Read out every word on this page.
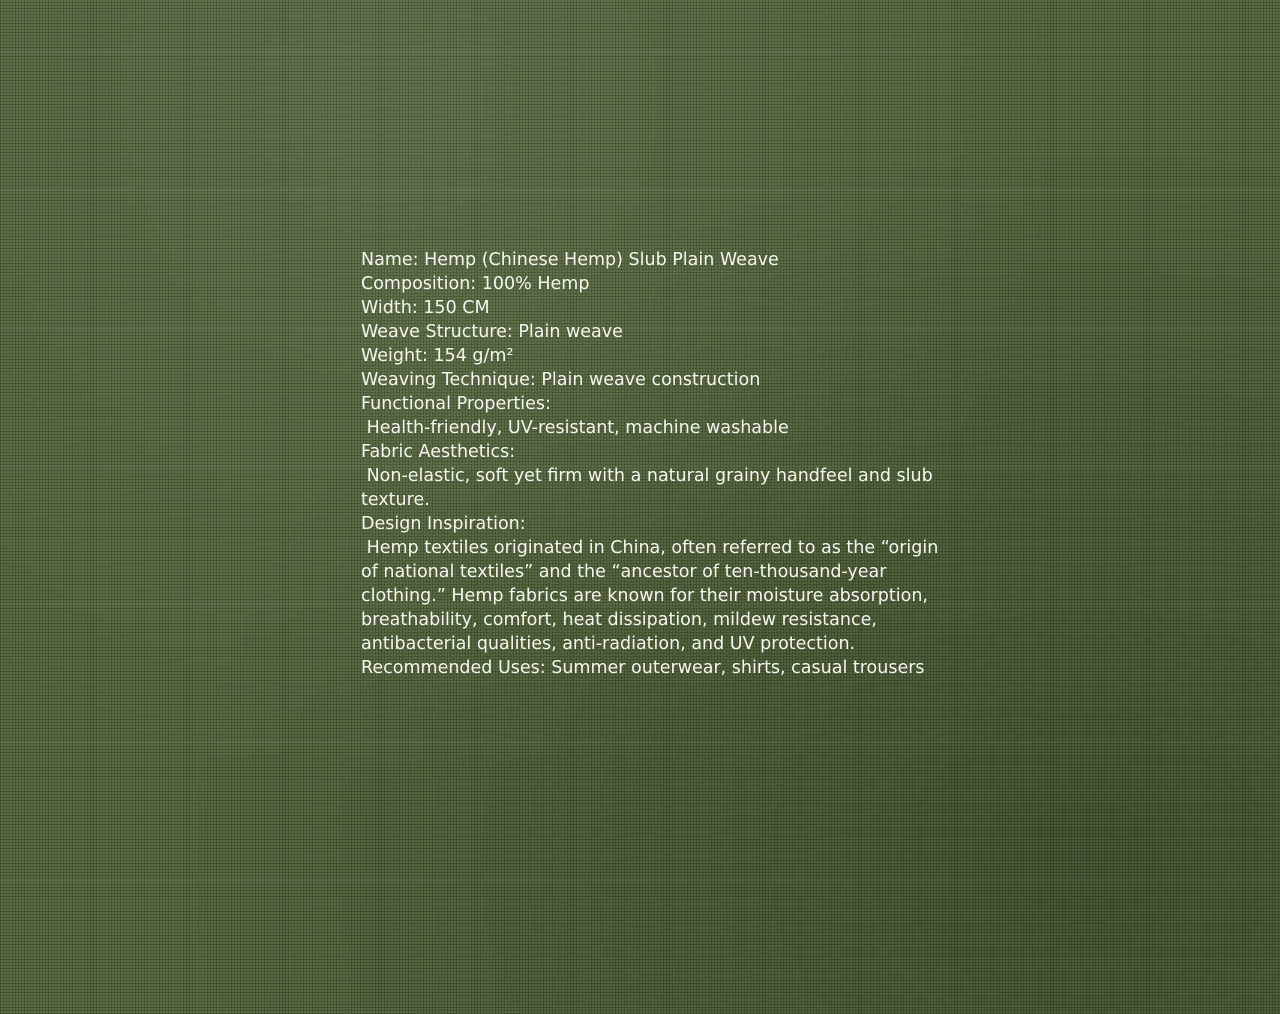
Name: Hemp (Chinese Hemp) Slub Plain Weave

Composition: 100% Hemp

Width: 150 CM

Weave Structure: Plain weave

Weight: 154 g/m²

Weaving Technique: Plain weave construction

Functional Properties:

Health-friendly, UV-resistant, machine washable

Fabric Aesthetics:

Non-elastic, soft yet firm with a natural grainy handfeel and slub texture.

Design Inspiration:

Hemp textiles originated in China, often referred to as the “origin of national textiles” and the “ancestor of ten-thousand-year clothing.” Hemp fabrics are known for their moisture absorption, breathability, comfort, heat dissipation, mildew resistance, antibacterial qualities, anti-radiation, and UV protection.

Recommended Uses: Summer outerwear, shirts, casual trousers
